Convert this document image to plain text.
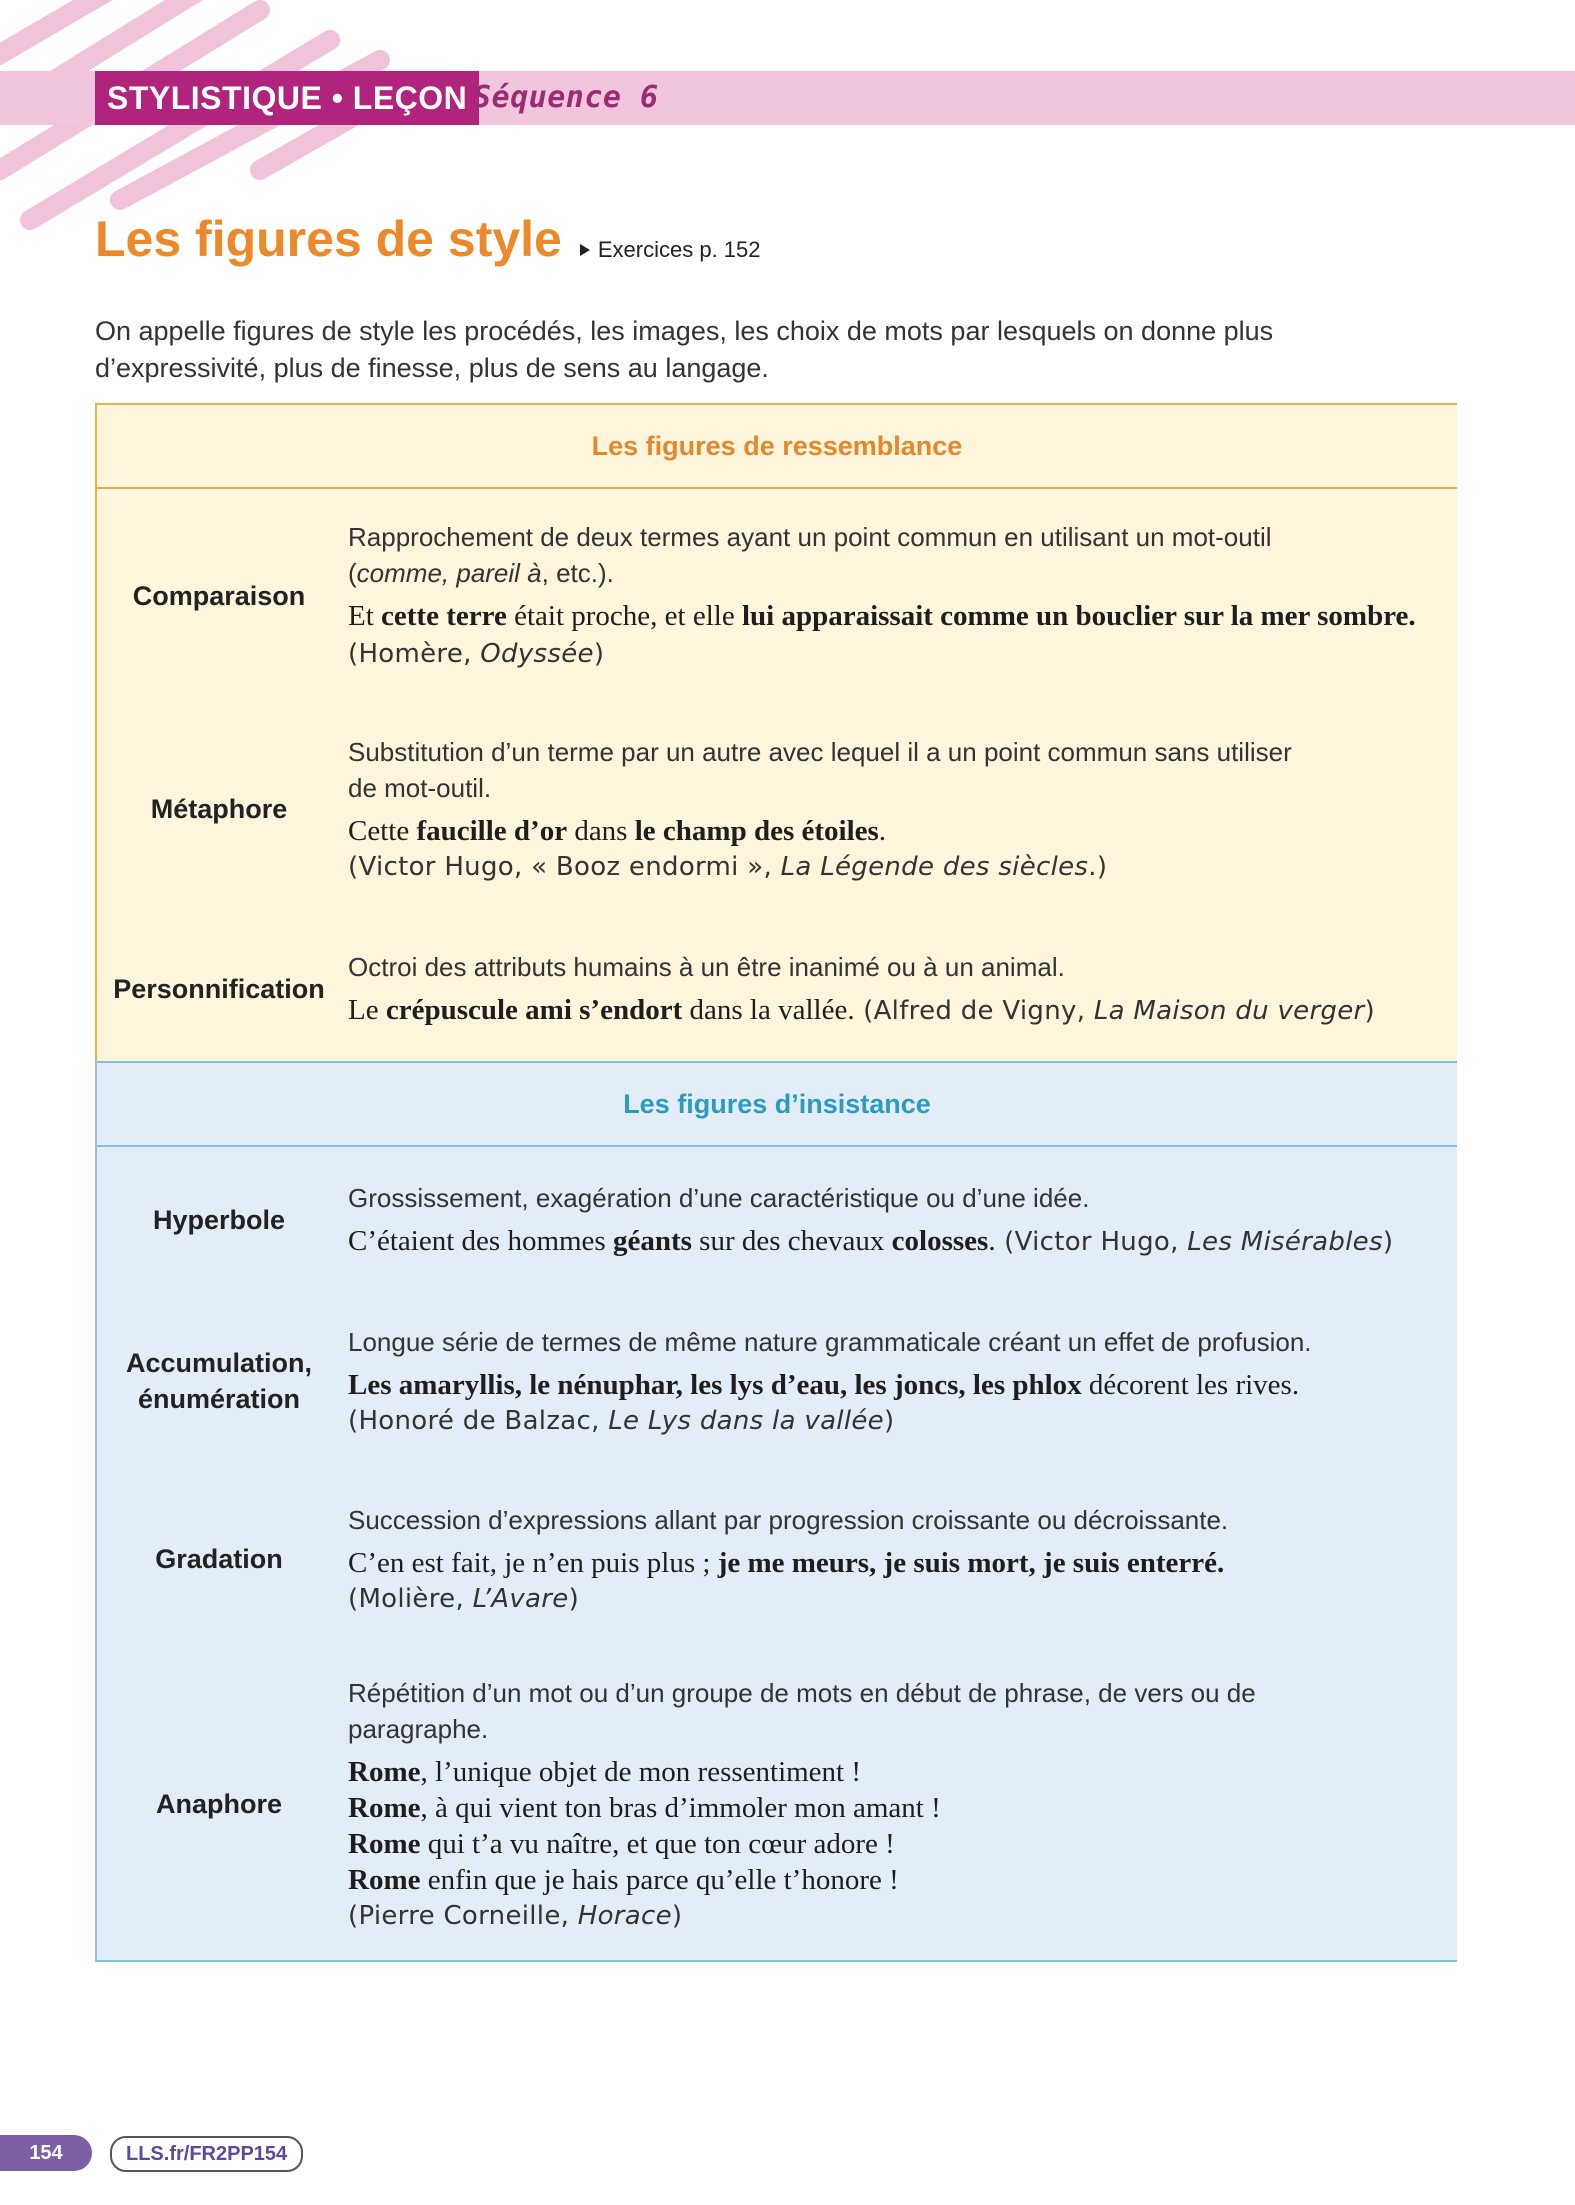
STYLISTIQUE • LEÇON Séquence 6
Les figures de style Exercices p. 152
On appelle figures de style les procédés, les images, les choix de mots par lesquels on donne plus
d’expressivité, plus de finesse, plus de sens au langage.
Les figures de ressemblance
Comparaison
Rapprochement de deux termes ayant un point commun en utilisant un mot-outil
(comme, pareil à, etc.).
Et cette terre était proche, et elle lui apparaissait comme un bouclier sur la mer sombre. (Homère, Odyssée)
Métaphore
Substitution d’un terme par un autre avec lequel il a un point commun sans utiliser
de mot-outil.
Cette faucille d’or dans le champ des étoiles.
(Victor Hugo, « Booz endormi », La Légende des siècles.)
Personnification
Octroi des attributs humains à un être inanimé ou à un animal.
Le crépuscule ami s’endort dans la vallée. (Alfred de Vigny, La Maison du verger)
Les figures d’insistance
Hyperbole
Grossissement, exagération d’une caractéristique ou d’une idée.
C’étaient des hommes géants sur des chevaux colosses. (Victor Hugo, Les Misérables)
Accumulation,
énumération
Longue série de termes de même nature grammaticale créant un effet de profusion.
Les amaryllis, le nénuphar, les lys d’eau, les joncs, les phlox décorent les rives.
(Honoré de Balzac, Le Lys dans la vallée)
Gradation
Succession d’expressions allant par progression croissante ou décroissante.
C’en est fait, je n’en puis plus ; je me meurs, je suis mort, je suis enterré.
(Molière, L’Avare)
Anaphore
Répétition d’un mot ou d’un groupe de mots en début de phrase, de vers ou de
paragraphe.
Rome, l’unique objet de mon ressentiment !
Rome, à qui vient ton bras d’immoler mon amant !
Rome qui t’a vu naître, et que ton cœur adore !
Rome enfin que je hais parce qu’elle t’honore !
(Pierre Corneille, Horace)
154	LLS.fr/FR2PP154
